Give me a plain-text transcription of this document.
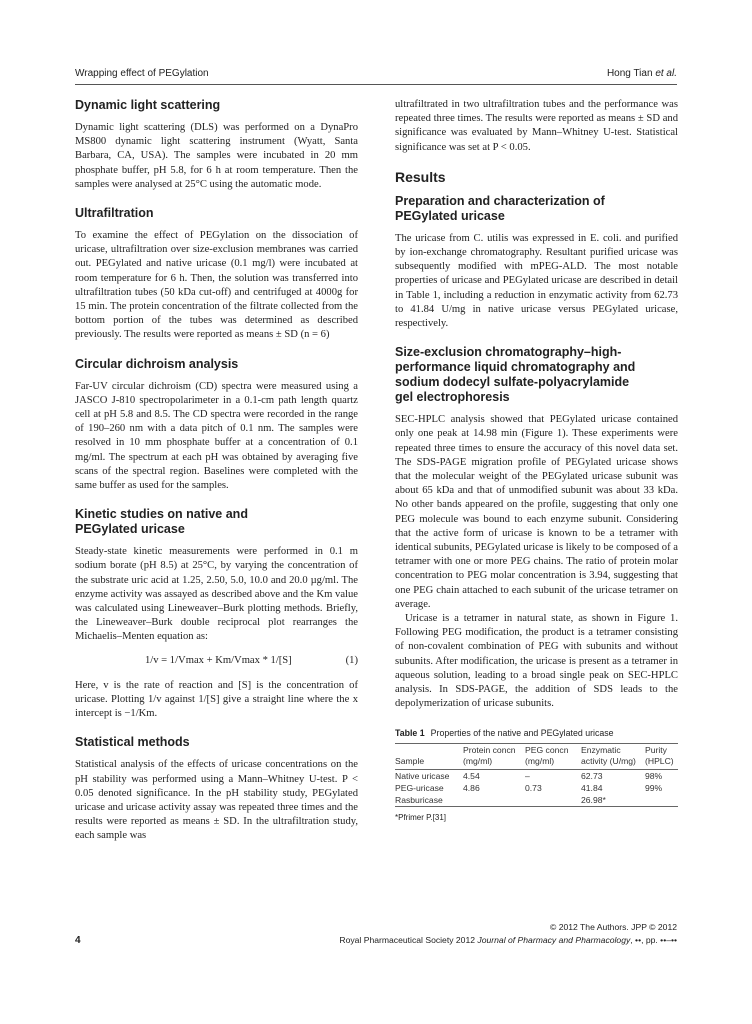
Wrapping effect of PEGylation	Hong Tian et al.
Dynamic light scattering

Dynamic light scattering (DLS) was performed on a DynaPro MS800 dynamic light scattering instrument (Wyatt, Santa Barbara, CA, USA). The samples were incubated in 20 mm phosphate buffer, pH 5.8, for 6 h at room temperature. Then the samples were analysed at 25°C using the automatic mode.

Ultrafiltration

To examine the effect of PEGylation on the dissociation of uricase, ultrafiltration over size-exclusion membranes was carried out. PEGylated and native uricase (0.1 mg/l) were incubated at room temperature for 6 h. Then, the solution was transferred into ultrafiltration tubes (50 kDa cut-off) and centrifuged at 4000g for 15 min. The protein concentration of the filtrate collected from the bottom portion of the tubes was determined as described previously. The results were reported as means ± SD (n = 6)

Circular dichroism analysis

Far-UV circular dichroism (CD) spectra were measured using a JASCO J-810 spectropolarimeter in a 0.1-cm path length quartz cell at pH 5.8 and 8.5. The CD spectra were recorded in the range of 190–260 nm with a data pitch of 0.1 nm. The samples were resolved in 10 mm phosphate buffer at a concentration of 0.1 mg/ml. The spectrum at each pH was obtained by averaging five scans of the spectral region. Baselines were completed with the same buffer as used for the samples.

Kinetic studies on native and
PEGylated uricase

Steady-state kinetic measurements were performed in 0.1 m sodium borate (pH 8.5) at 25°C, by varying the concentration of the substrate uric acid at 1.25, 2.50, 5.0, 10.0 and 20.0 µg/ml. The enzyme activity was assayed as described above and the Km value was calculated using Lineweaver–Burk plotting methods. Briefly, the Lineweaver–Burk double reciprocal plot rearranges the Michaelis–Menten equation as:

1/v = 1/Vmax + Km/Vmax * 1/[S]	(1)

Here, v is the rate of reaction and [S] is the concentration of uricase. Plotting 1/v against 1/[S] give a straight line where the x intercept is −1/Km.

Statistical methods

Statistical analysis of the effects of uricase concentrations on the pH stability was performed using a Mann–Whitney U-test. P < 0.05 denoted significance. In the pH stability study, PEGylated uricase and uricase activity assay was repeated three times and the results were reported as means ± SD. In the ultrafiltration study, each sample was

ultrafiltrated in two ultrafiltration tubes and the performance was repeated three times. The results were reported as means ± SD and significance was evaluated by Mann–Whitney U-test. Statistical significance was set at P < 0.05.

Results
Preparation and characterization of
PEGylated uricase

The uricase from C. utilis was expressed in E. coli. and purified by ion-exchange chromatography. Resultant purified uricase was subsequently modified with mPEG-ALD. The most notable properties of uricase and PEGylated uricase are described in detail in Table 1, including a reduction in enzymatic activity from 62.73 to 41.84 U/mg in native uricase versus PEGylated uricase, respectively.

Size-exclusion chromatography–high-
performance liquid chromatography and
sodium dodecyl sulfate-polyacrylamide
gel electrophoresis

SEC-HPLC analysis showed that PEGylated uricase contained only one peak at 14.98 min (Figure 1). These experiments were repeated three times to ensure the accuracy of this novel data set. The SDS-PAGE migration profile of PEGylated uricase shows that the molecular weight of the PEGylated uricase subunit was about 65 kDa and that of unmodified subunit was about 33 kDa. No other bands appeared on the profile, suggesting that only one PEG molecule was bound to each enzyme subunit. Considering that the active form of uricase is known to be a tetramer with identical subunits, PEGylated uricase is likely to be composed of a tetramer with one or more PEG chains. The ratio of protein molar concentration to PEG molar concentration is 3.94, suggesting that one PEG chain attached to each subunit of the uricase tetramer on average.

Uricase is a tetramer in natural state, as shown in Figure 1. Following PEG modification, the product is a tetramer consisting of non-covalent combination of PEG with subunits and without subunits. After modification, the uricase is present as a tetramer in aqueous solution, leading to a broad single peak on SEC-HPLC analysis. In SDS-PAGE, the addition of SDS leads to the depolymerization of uricase subunits.

Table 1 Properties of the native and PEGylated uricase
Sample	Protein concn (mg/ml)	PEG concn (mg/ml)	Enzymatic activity (U/mg)	Purity (HPLC)
Native uricase	4.54	–	62.73	98%
PEG-uricase	4.86	0.73	41.84	99%
Rasburicase			26.98*	
*Pfrimer P.[31]
© 2012 The Authors. JPP © 2012
Royal Pharmaceutical Society 2012 Journal of Pharmacy and Pharmacology, ••, pp. ••–••
4
